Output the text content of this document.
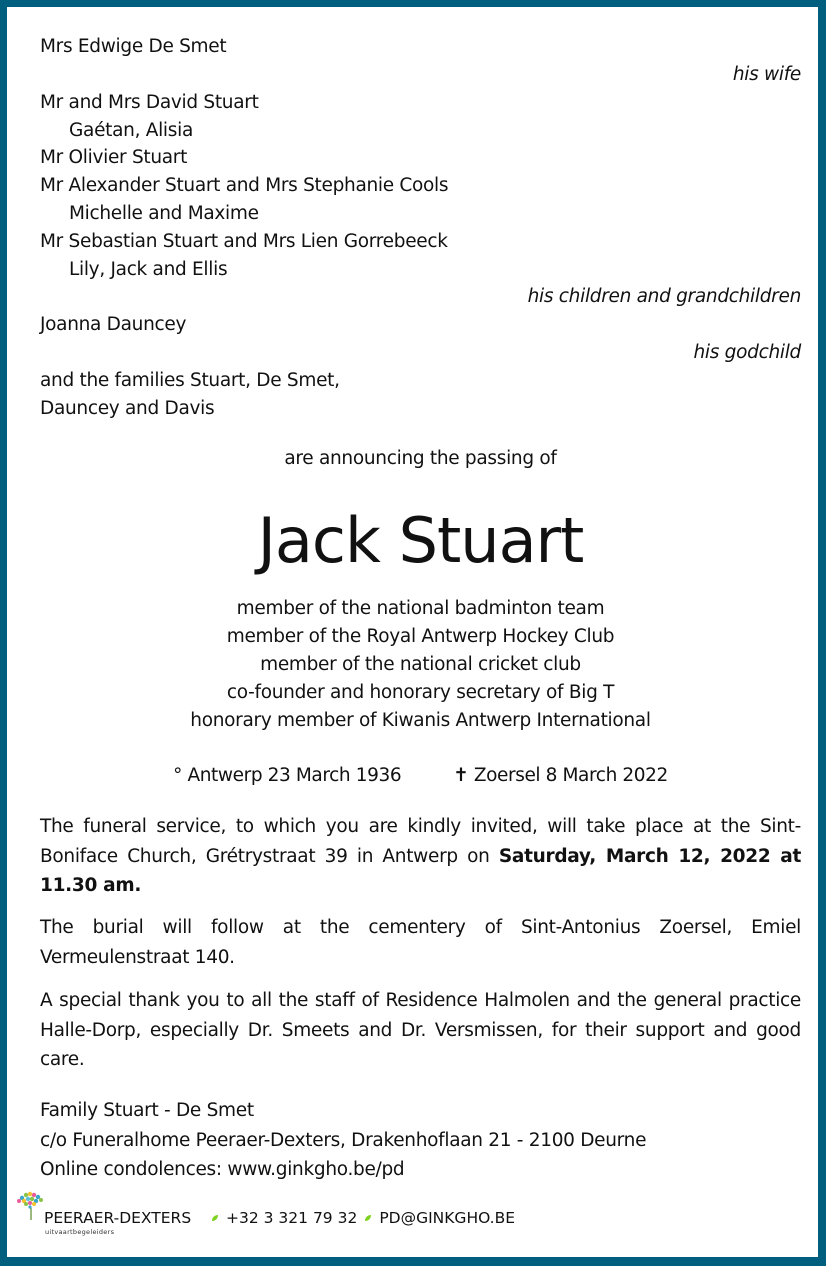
Mrs Edwige De Smet
his wife
Mr and Mrs David Stuart
Gaétan, Alisia
Mr Olivier Stuart
Mr Alexander Stuart and Mrs Stephanie Cools
Michelle and Maxime
Mr Sebastian Stuart and Mrs Lien Gorrebeeck
Lily, Jack and Ellis
his children and grandchildren
Joanna Dauncey
his godchild
and the families Stuart, De Smet,
Dauncey and Davis
are announcing the passing of
Jack Stuart
member of the national badminton team
member of the Royal Antwerp Hockey Club
member of the national cricket club
co-founder and honorary secretary of Big T
honorary member of Kiwanis Antwerp International
° Antwerp 23 March 1936	✝ Zoersel 8 March 2022
The funeral service, to which you are kindly invited, will take place at the Sint-Boniface Church, Grétrystraat 39 in Antwerp on Saturday, March 12, 2022 at 11.30 am.
The burial will follow at the cementery of Sint-Antonius Zoersel, Emiel Vermeulenstraat 140.
A special thank you to all the staff of Residence Halmolen and the general practice Halle-Dorp, especially Dr. Smeets and Dr. Versmissen, for their support and good care.
Family Stuart - De Smet
c/o Funeralhome Peeraer-Dexters, Drakenhoflaan 21 - 2100 Deurne
Online condolences: www.ginkgho.be/pd
PEERAER-DEXTERS
uitvaartbegeleiders
+32 3 321 79 32 PD@GINKGHO.BE
